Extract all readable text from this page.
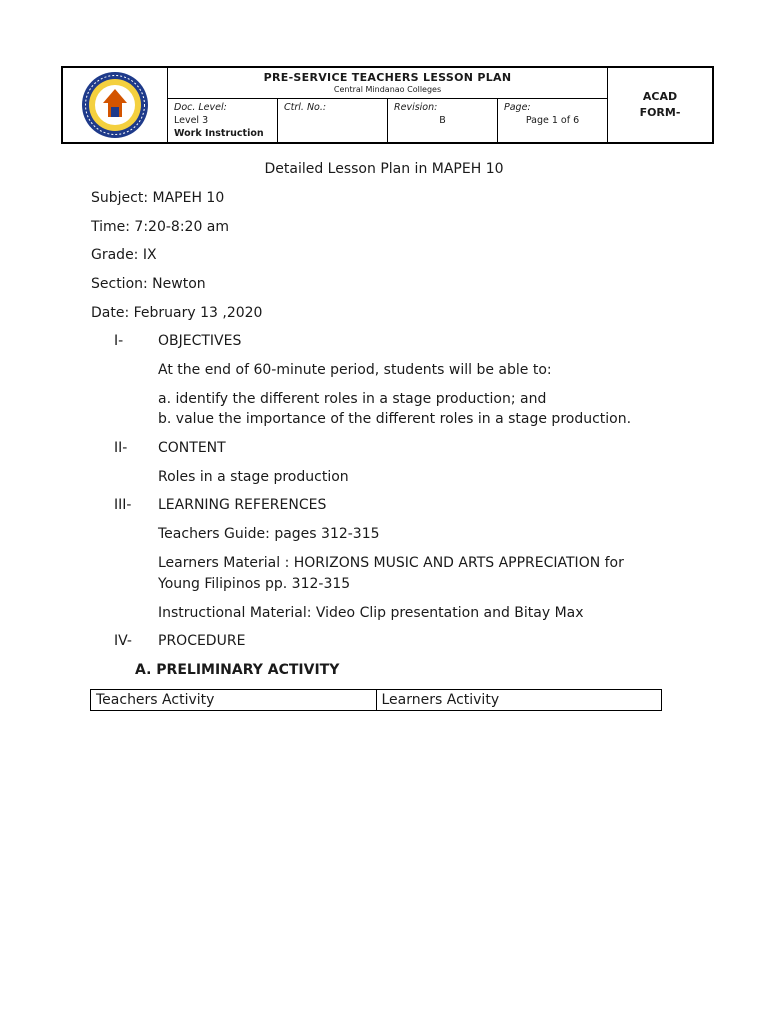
PRE-SERVICE TEACHERS LESSON PLAN
Central Mindanao Colleges
Doc. Level:
Level 3
Work Instruction
Ctrl. No.:	Revision:
B
Page:
Page 1 of 6
ACAD
FORM-
Detailed Lesson Plan in MAPEH 10
Subject: MAPEH 10
Time: 7:20-8:20 am
Grade: IX
Section: Newton
Date: February 13 ,2020
I- OBJECTIVES
At the end of 60-minute period, students will be able to:
a. identify the different roles in a stage production; and
b. value the importance of the different roles in a stage production.
II- CONTENT
Roles in a stage production
III- LEARNING REFERENCES
Teachers Guide: pages 312-315
Learners Material : HORIZONS MUSIC AND ARTS APPRECIATION for
Young Filipinos pp. 312-315
Instructional Material: Video Clip presentation and Bitay Max
IV- PROCEDURE
A. PRELIMINARY ACTIVITY
Teachers Activity	Learners Activity
